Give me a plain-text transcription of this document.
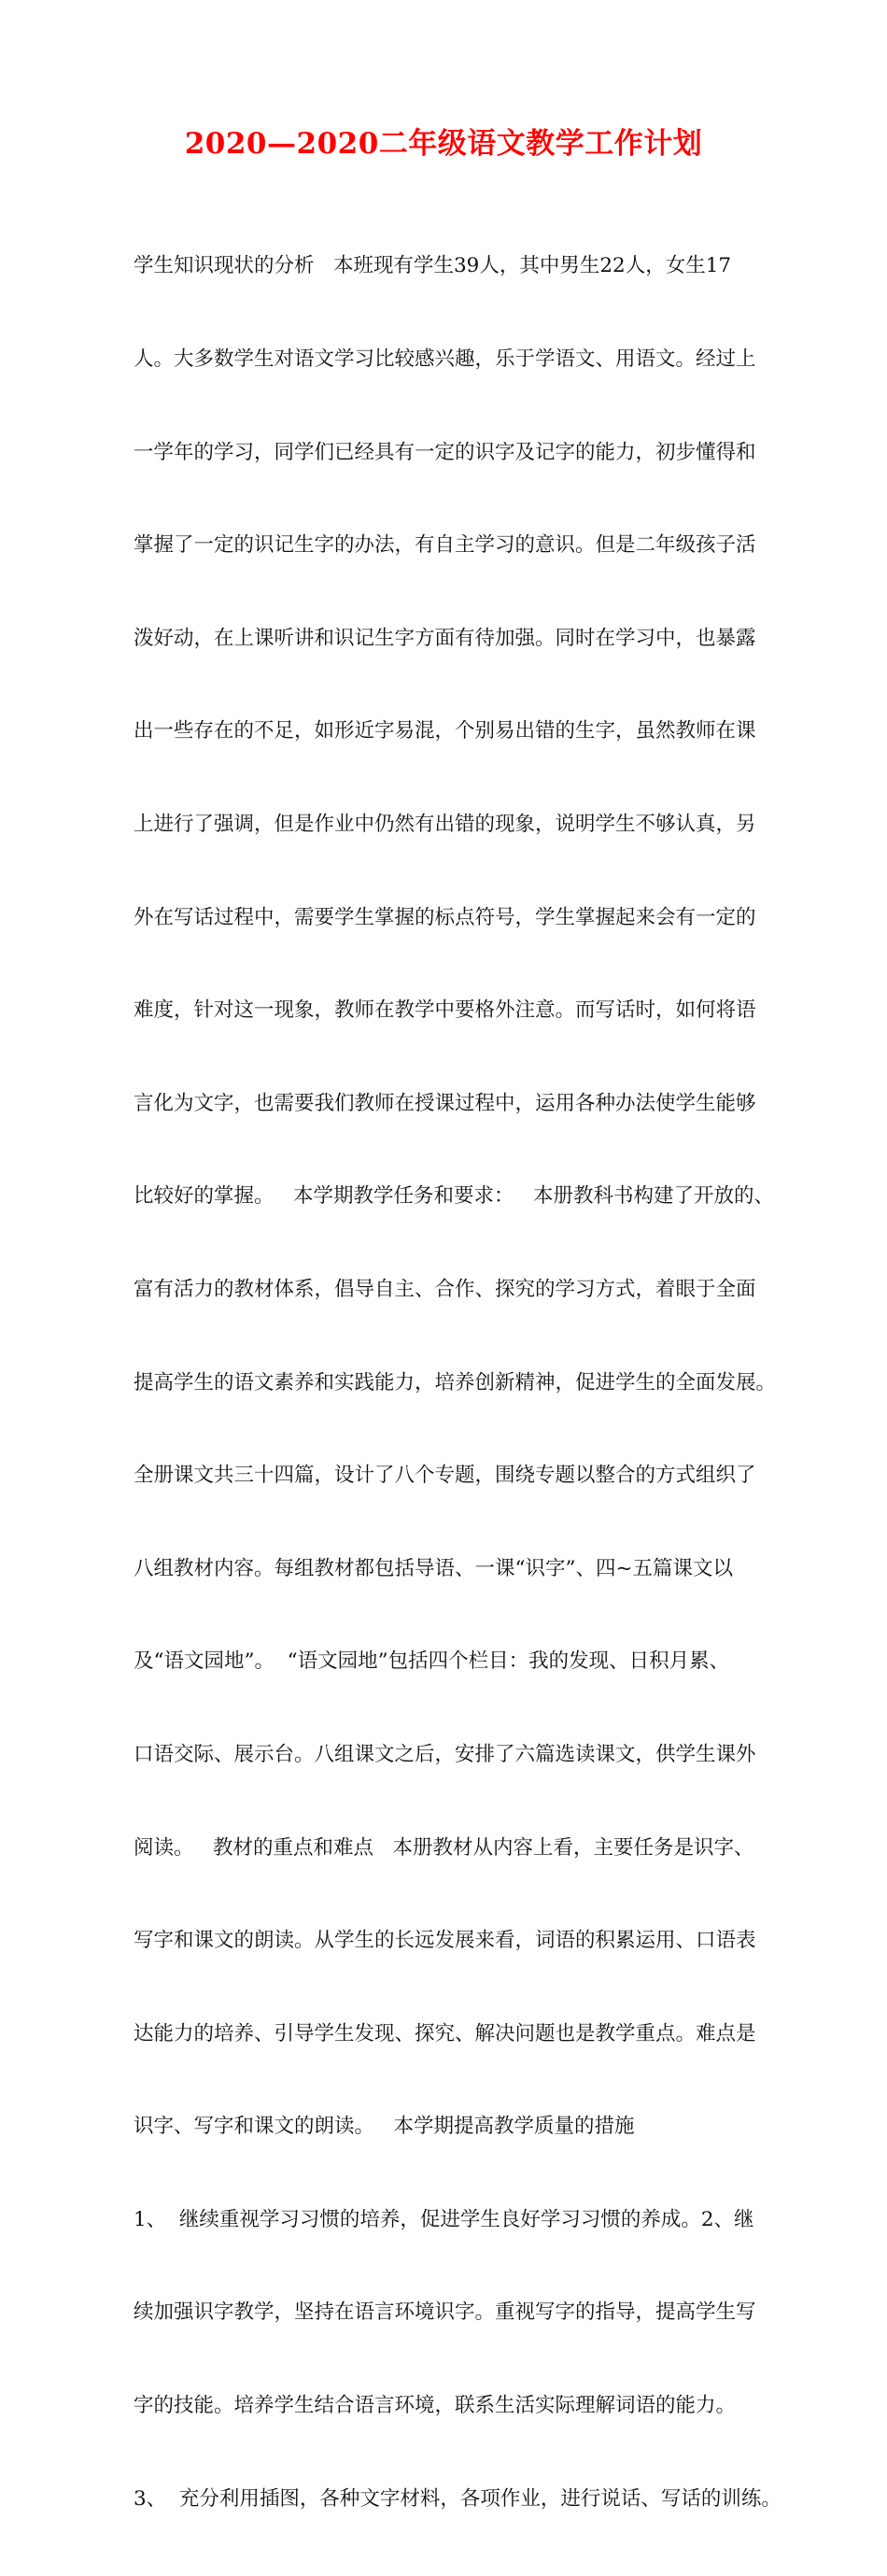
2020—2020二年级语文教学工作计划

学生知识现状的分析   本班现有学生39人，其中男生22人，女生17

人。大多数学生对语文学习比较感兴趣，乐于学语文、用语文。经过上

一学年的学习，同学们已经具有一定的识字及记字的能力，初步懂得和

掌握了一定的识记生字的办法，有自主学习的意识。但是二年级孩子活

泼好动，在上课听讲和识记生字方面有待加强。同时在学习中，也暴露

出一些存在的不足，如形近字易混，个别易出错的生字，虽然教师在课

上进行了强调，但是作业中仍然有出错的现象，说明学生不够认真，另

外在写话过程中，需要学生掌握的标点符号，学生掌握起来会有一定的

难度，针对这一现象，教师在教学中要格外注意。而写话时，如何将语

言化为文字，也需要我们教师在授课过程中，运用各种办法使学生能够

比较好的掌握。   本学期教学任务和要求：   本册教科书构建了开放的、

富有活力的教材体系，倡导自主、合作、探究的学习方式，着眼于全面

提高学生的语文素养和实践能力，培养创新精神，促进学生的全面发展。

全册课文共三十四篇，设计了八个专题，围绕专题以整合的方式组织了

八组教材内容。每组教材都包括导语、一课“识字”、四~五篇课文以

及“语文园地”。  “语文园地”包括四个栏目：我的发现、日积月累、

口语交际、展示台。八组课文之后，安排了六篇选读课文，供学生课外

阅读。   教材的重点和难点   本册教材从内容上看，主要任务是识字、

写字和课文的朗读。从学生的长远发展来看，词语的积累运用、口语表

达能力的培养、引导学生发现、探究、解决问题也是教学重点。难点是

识字、写字和课文的朗读。   本学期提高教学质量的措施

1、  继续重视学习习惯的培养，促进学生良好学习习惯的养成。2、继

续加强识字教学，坚持在语言环境识字。重视写字的指导，提高学生写

字的技能。培养学生结合语言环境，联系生活实际理解词语的能力。

3、  充分利用插图，各种文字材料，各项作业，进行说话、写话的训练。
